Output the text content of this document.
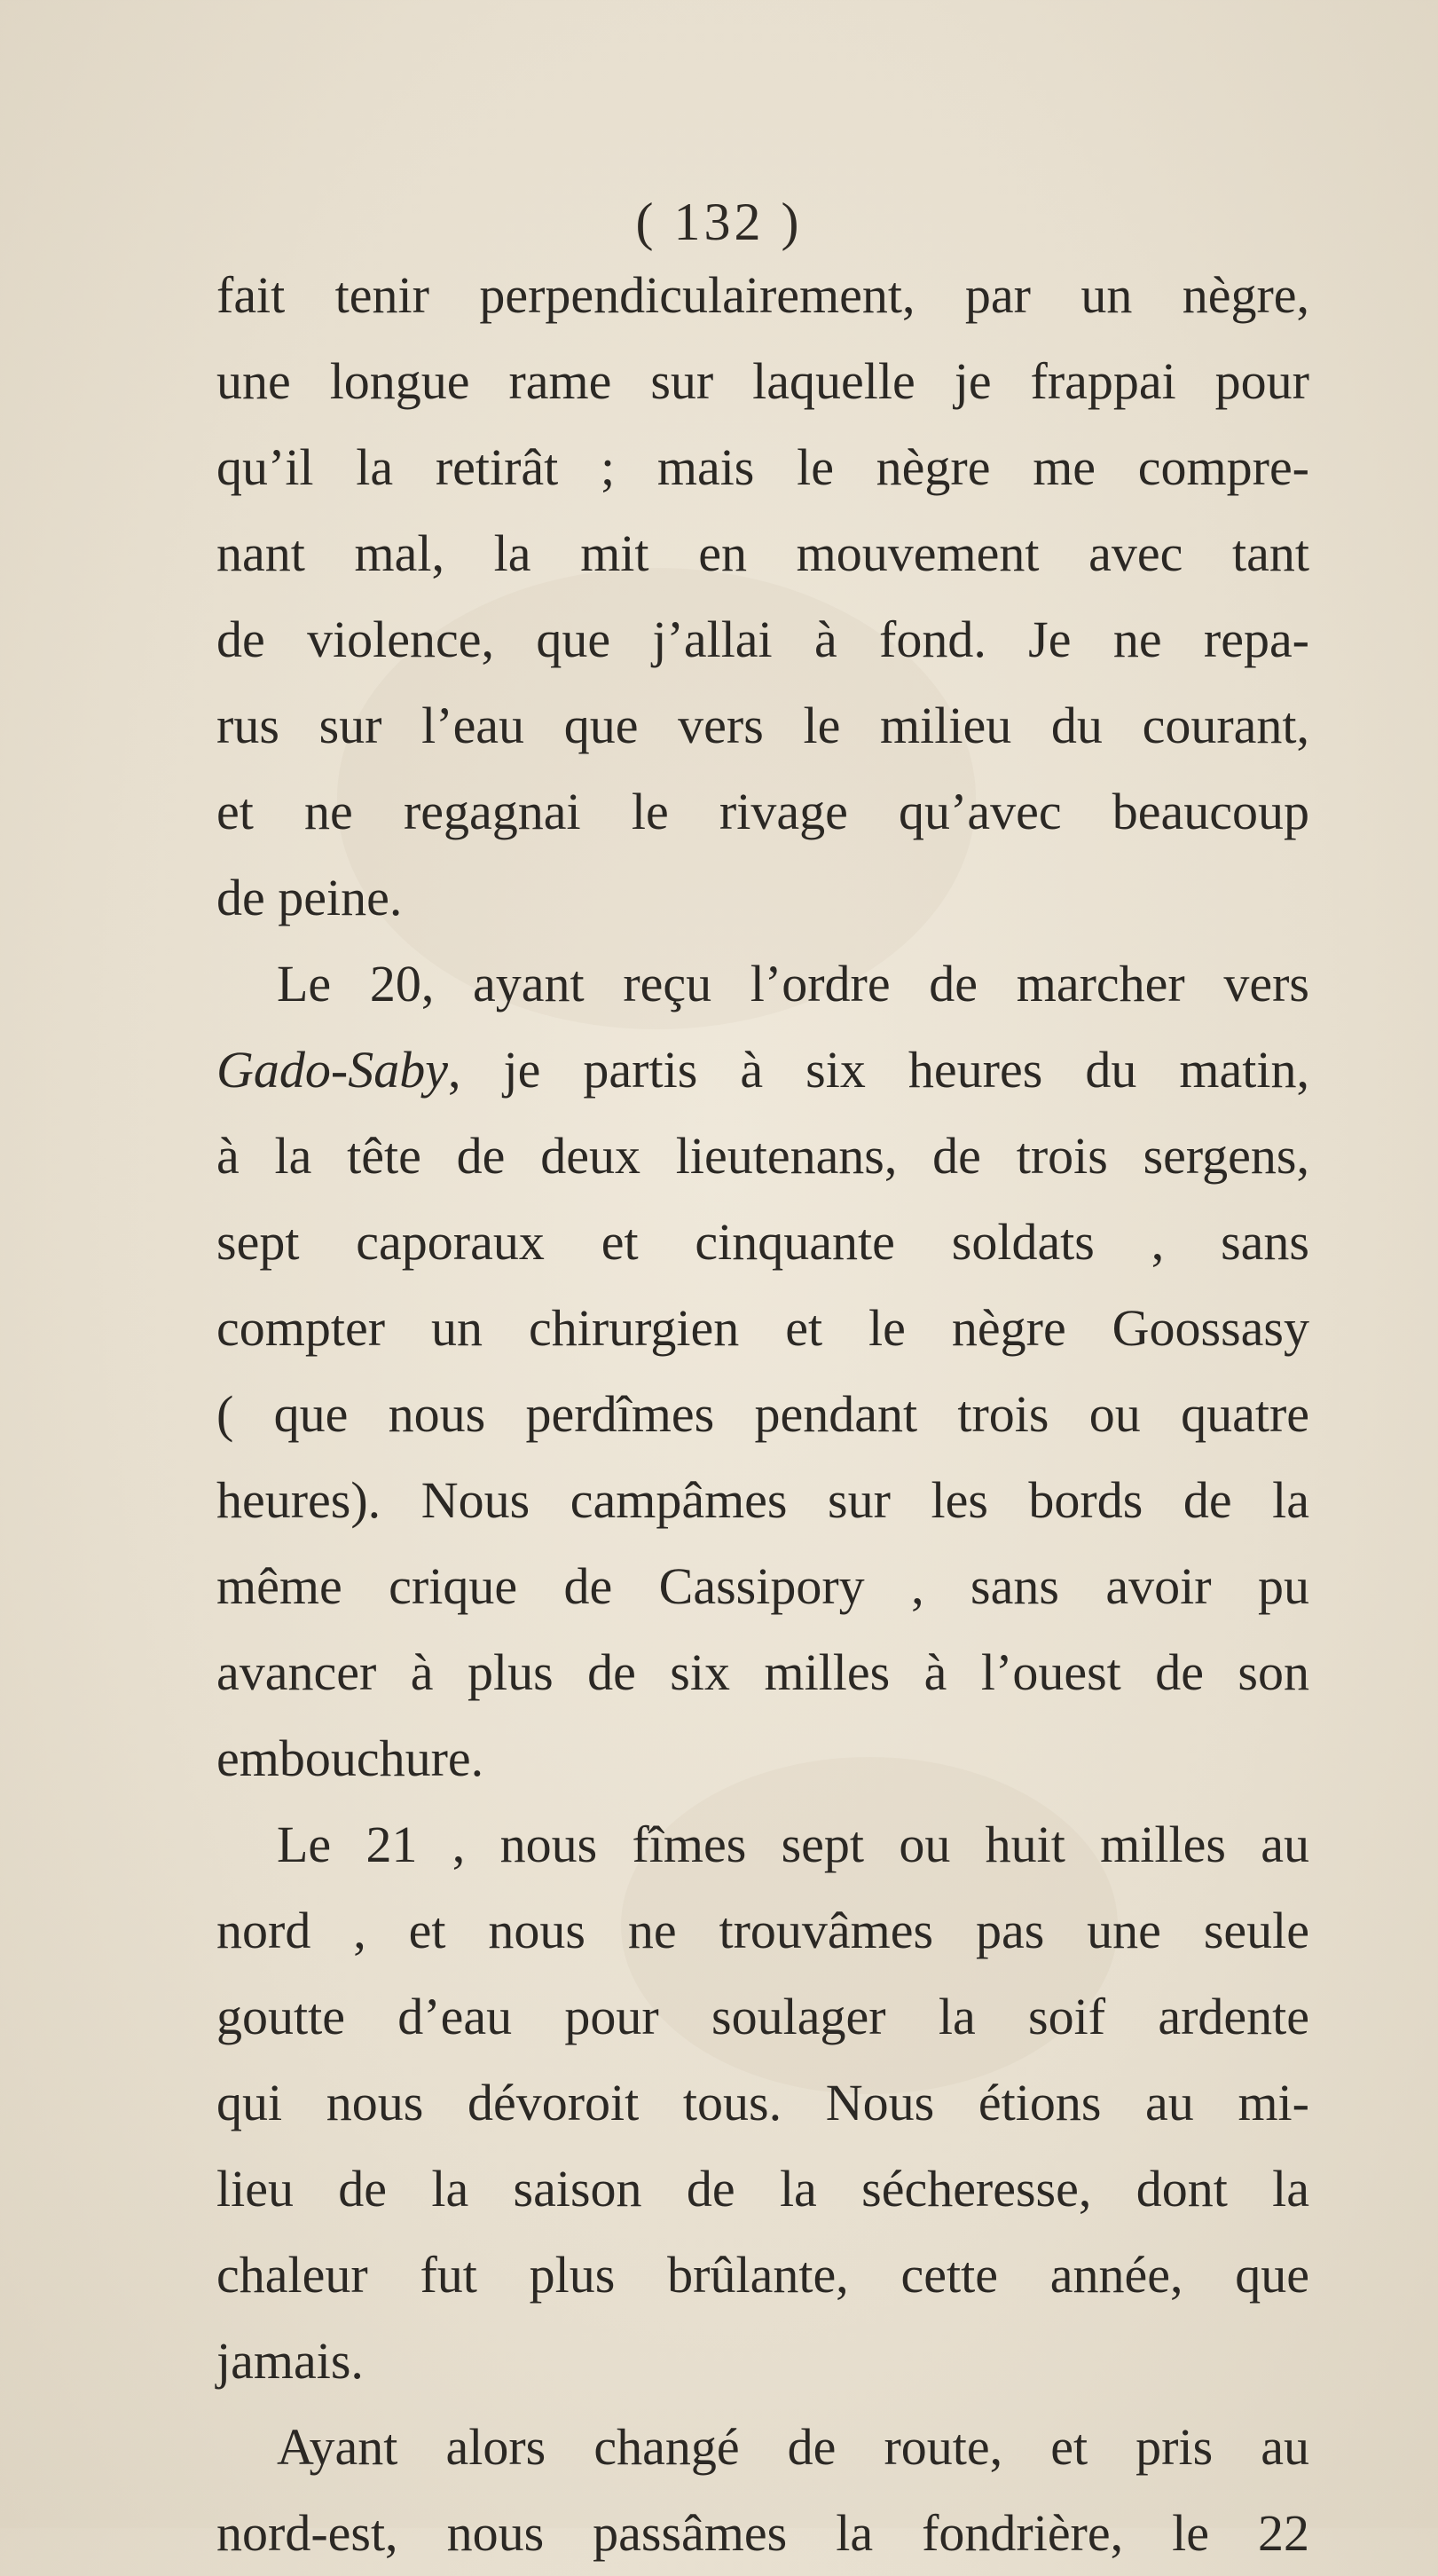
( 132 )
fait tenir perpendiculairement, par un nègre,
une longue rame sur laquelle je frappai pour
qu’il la retirât ; mais le nègre me compre-
nant mal, la mit en mouvement avec tant
de violence, que j’allai à fond. Je ne repa-
rus sur l’eau que vers le milieu du courant,
et ne regagnai le rivage qu’avec beaucoup
de peine.
Le 20, ayant reçu l’ordre de marcher vers
Gado-Saby, je partis à six heures du matin,
à la tête de deux lieutenans, de trois sergens,
sept caporaux et cinquante soldats , sans
compter un chirurgien et le nègre Goossasy
( que nous perdîmes pendant trois ou quatre
heures). Nous campâmes sur les bords de la
même crique de Cassipory , sans avoir pu
avancer à plus de six milles à l’ouest de son
embouchure.
Le 21 , nous fîmes sept ou huit milles au
nord , et nous ne trouvâmes pas une seule
goutte d’eau pour soulager la soif ardente
qui nous dévoroit tous. Nous étions au mi-
lieu de la saison de la sécheresse, dont la
chaleur fut plus brûlante, cette année, que
jamais.
Ayant alors changé de route, et pris au
nord-est, nous passâmes la fondrière, le 22
